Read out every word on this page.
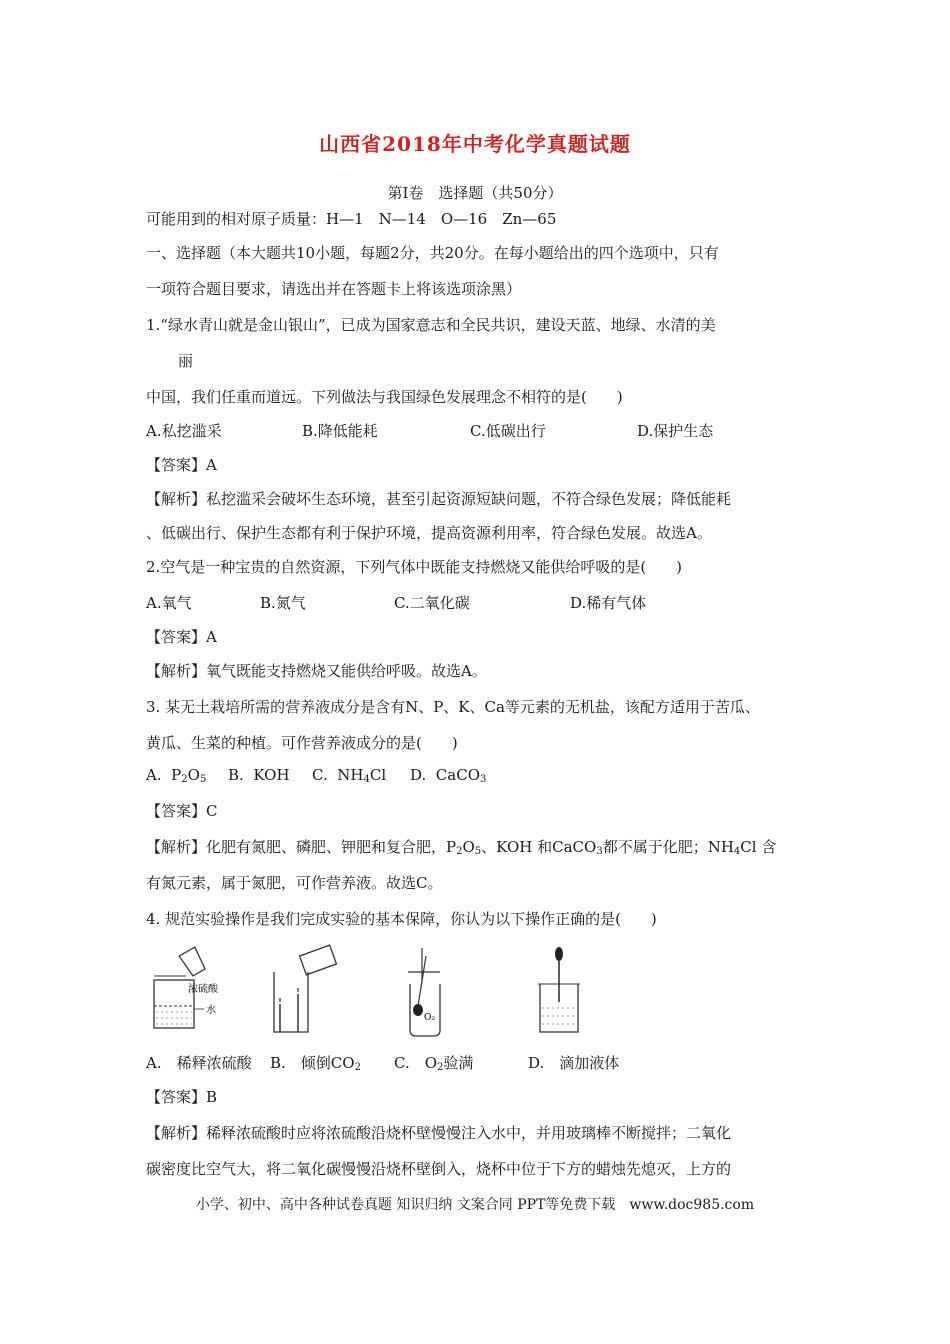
山西省2018年中考化学真题试题
第Ⅰ卷　选择题（共50分）
可能用到的相对原子质量：H—1　N—14　O—16　Zn—65
一、选择题（本大题共10小题，每题2分，共20分。在每小题给出的四个选项中，只有
一项符合题目要求，请选出并在答题卡上将该选项涂黑）
1.“绿水青山就是金山银山”，已成为国家意志和全民共识，建设天蓝、地绿、水清的美
丽
中国，我们任重而道远。下列做法与我国绿色发展理念不相符的是(　　)
A.私挖滥采	B.降低能耗	C.低碳出行	D.保护生态
【答案】A
【解析】私挖滥采会破坏生态环境，甚至引起资源短缺问题，不符合绿色发展；降低能耗
、低碳出行、保护生态都有利于保护环境，提高资源利用率，符合绿色发展。故选A。
2.空气是一种宝贵的自然资源，下列气体中既能支持燃烧又能供给呼吸的是(　　)
A.氧气	B.氮气	C.二氧化碳	D.稀有气体
【答案】A
【解析】氧气既能支持燃烧又能供给呼吸。故选A。
3. 某无土栽培所需的营养液成分是含有N、P、K、Ca等元素的无机盐，该配方适用于苦瓜、
黄瓜、生菜的种植。可作营养液成分的是(　　)
A.  $P_2O_5$ B. KOH C.  $NH_4Cl$ D.  CaCO$_3$
【答案】C
【解析】化肥有氮肥、磷肥、钾肥和复合肥，$P_2O_5$、KOH 和CaCO$_3$都不属于化肥；$NH_4Cl$ 含
有氮元素，属于氮肥，可作营养液。故选C。
4. 规范实验操作是我们完成实验的基本保障，你认为以下操作正确的是(　　)
浓硫酸
水
O₂
A.　稀释浓硫酸 B.　倾倒$CO_2$ C.　$O_2$验满	D.　滴加液体
【答案】B
【解析】稀释浓硫酸时应将浓硫酸沿烧杯壁慢慢注入水中，并用玻璃棒不断搅拌；二氧化
碳密度比空气大，将二氧化碳慢慢沿烧杯壁倒入，烧杯中位于下方的蜡烛先熄灭，上方的
小学、初中、高中各种试卷真题 知识归纳 文案合同 PPT等免费下载　www.doc985.com
